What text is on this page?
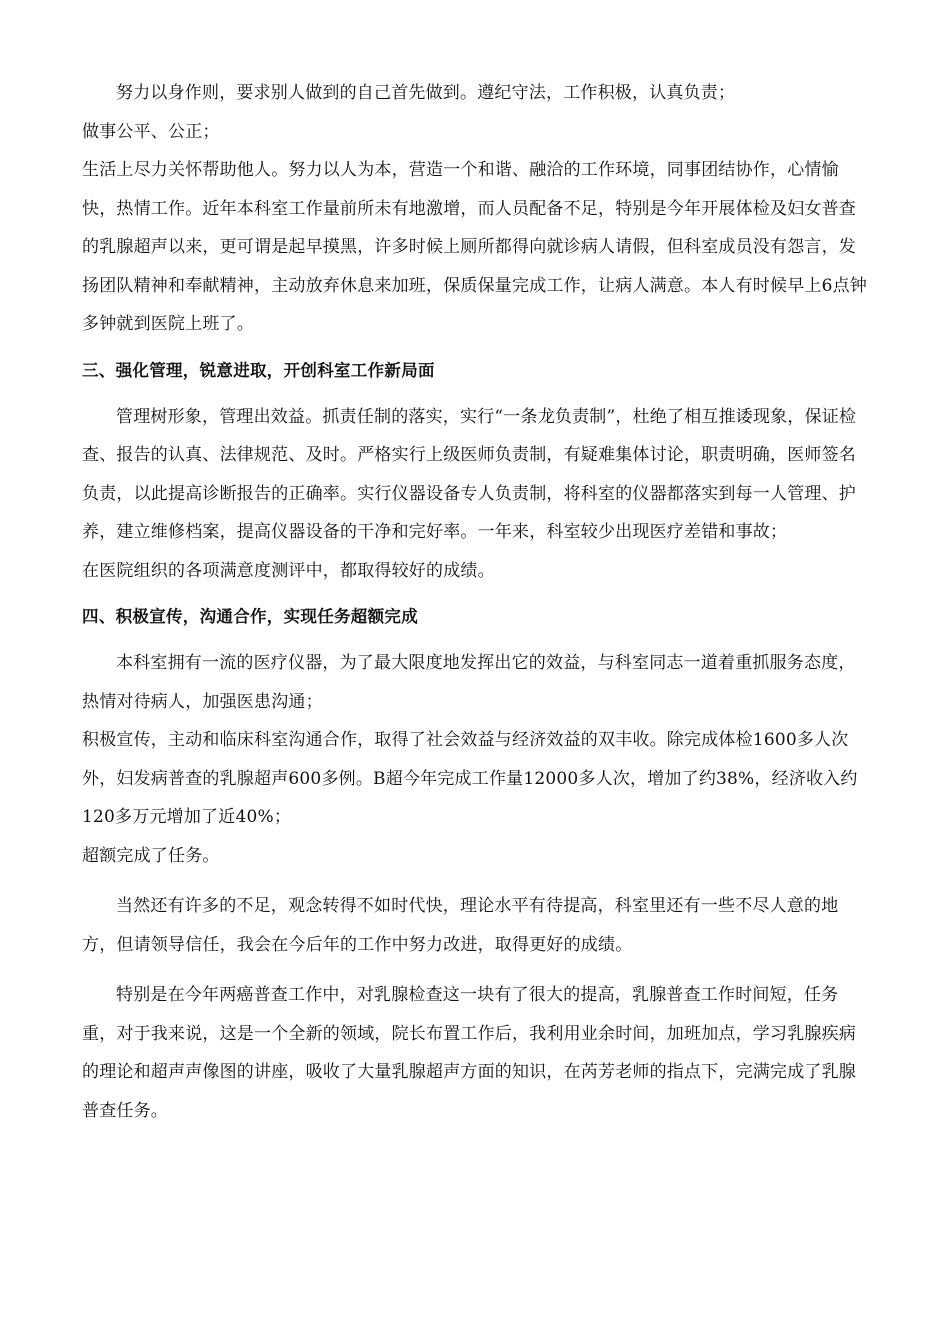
努力以身作则，要求别人做到的自己首先做到。遵纪守法，工作积极，认真负责；

做事公平、公正；

生活上尽力关怀帮助他人。努力以人为本，营造一个和谐、融洽的工作环境，同事团结协作，心情愉快，热情工作。近年本科室工作量前所未有地激增，而人员配备不足，特别是今年开展体检及妇女普查的乳腺超声以来，更可谓是起早摸黑，许多时候上厕所都得向就诊病人请假，但科室成员没有怨言，发扬团队精神和奉献精神，主动放弃休息来加班，保质保量完成工作，让病人满意。本人有时候早上6点钟多钟就到医院上班了。

三、强化管理，锐意进取，开创科室工作新局面

管理树形象，管理出效益。抓责任制的落实，实行“一条龙负责制”，杜绝了相互推诿现象，保证检查、报告的认真、法律规范、及时。严格实行上级医师负责制，有疑难集体讨论，职责明确，医师签名负责，以此提高诊断报告的正确率。实行仪器设备专人负责制，将科室的仪器都落实到每一人管理、护养，建立维修档案，提高仪器设备的干净和完好率。一年来，科室较少出现医疗差错和事故；

在医院组织的各项满意度测评中，都取得较好的成绩。

四、积极宣传，沟通合作，实现任务超额完成

本科室拥有一流的医疗仪器，为了最大限度地发挥出它的效益，与科室同志一道着重抓服务态度，热情对待病人，加强医患沟通；

积极宣传，主动和临床科室沟通合作，取得了社会效益与经济效益的双丰收。除完成体检1600多人次外，妇发病普查的乳腺超声600多例。B超今年完成工作量12000多人次，增加了约38%，经济收入约120多万元增加了近40%；

超额完成了任务。

当然还有许多的不足，观念转得不如时代快，理论水平有待提高，科室里还有一些不尽人意的地方，但请领导信任，我会在今后年的工作中努力改进，取得更好的成绩。

特别是在今年两癌普查工作中，对乳腺检查这一块有了很大的提高，乳腺普查工作时间短，任务重，对于我来说，这是一个全新的领域，院长布置工作后，我利用业余时间，加班加点，学习乳腺疾病的理论和超声声像图的讲座，吸收了大量乳腺超声方面的知识，在芮芳老师的指点下，完满完成了乳腺普查任务。
